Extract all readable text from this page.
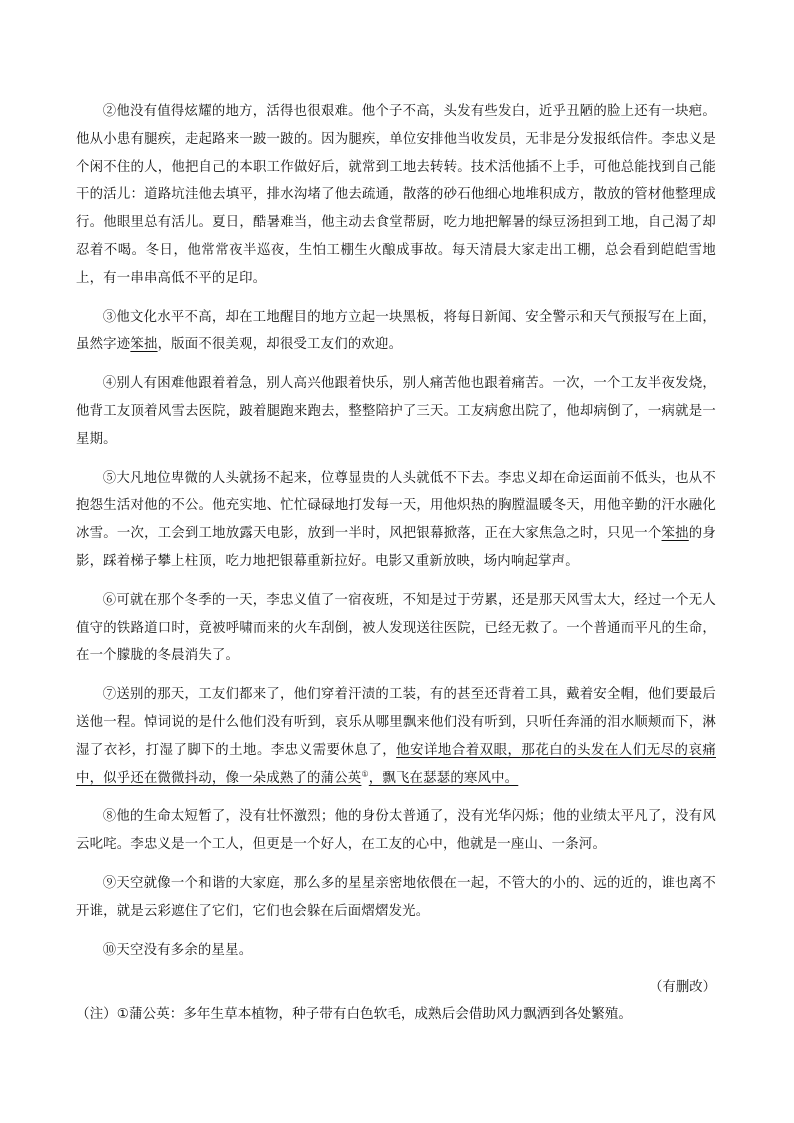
②他没有值得炫耀的地方，活得也很艰难。他个子不高，头发有些发白，近乎丑陋的脸上还有一块疤。他从小患有腿疾，走起路来一跛一跛的。因为腿疾，单位安排他当收发员，无非是分发报纸信件。李忠义是个闲不住的人，他把自己的本职工作做好后，就常到工地去转转。技术活他插不上手，可他总能找到自己能干的活儿：道路坑洼他去填平，排水沟堵了他去疏通，散落的砂石他细心地堆积成方，散放的管材他整理成行。他眼里总有活儿。夏日，酷暑难当，他主动去食堂帮厨，吃力地把解暑的绿豆汤担到工地，自己渴了却忍着不喝。冬日，他常常夜半巡夜，生怕工棚生火酿成事故。每天清晨大家走出工棚，总会看到皑皑雪地上，有一串串高低不平的足印。

③他文化水平不高，却在工地醒目的地方立起一块黑板，将每日新闻、安全警示和天气预报写在上面，虽然字迹笨拙，版面不很美观，却很受工友们的欢迎。

④别人有困难他跟着着急，别人高兴他跟着快乐，别人痛苦他也跟着痛苦。一次，一个工友半夜发烧，他背工友顶着风雪去医院，跛着腿跑来跑去，整整陪护了三天。工友病愈出院了，他却病倒了，一病就是一星期。

⑤大凡地位卑微的人头就扬不起来，位尊显贵的人头就低不下去。李忠义却在命运面前不低头，也从不抱怨生活对他的不公。他充实地、忙忙碌碌地打发每一天，用他炽热的胸膛温暖冬天，用他辛勤的汗水融化冰雪。一次，工会到工地放露天电影，放到一半时，风把银幕掀落，正在大家焦急之时，只见一个笨拙的身影，踩着梯子攀上柱顶，吃力地把银幕重新拉好。电影又重新放映，场内响起掌声。

⑥可就在那个冬季的一天，李忠义值了一宿夜班，不知是过于劳累，还是那天风雪太大，经过一个无人值守的铁路道口时，竟被呼啸而来的火车刮倒，被人发现送往医院，已经无救了。一个普通而平凡的生命，在一个朦胧的冬晨消失了。

⑦送别的那天，工友们都来了，他们穿着汗渍的工装，有的甚至还背着工具，戴着安全帽，他们要最后送他一程。悼词说的是什么他们没有听到，哀乐从哪里飘来他们没有听到，只听任奔涌的泪水顺颊而下，淋湿了衣衫，打湿了脚下的土地。李忠义需要休息了，他安详地合着双眼，那花白的头发在人们无尽的哀痛中，似乎还在微微抖动，像一朵成熟了的蒲公英①，飘飞在瑟瑟的寒风中。

⑧他的生命太短暂了，没有壮怀激烈；他的身份太普通了，没有光华闪烁；他的业绩太平凡了，没有风云叱咤。李忠义是一个工人，但更是一个好人，在工友的心中，他就是一座山、一条河。

⑨天空就像一个和谐的大家庭，那么多的星星亲密地依偎在一起，不管大的小的、远的近的，谁也离不开谁，就是云彩遮住了它们，它们也会躲在后面熠熠发光。

⑩天空没有多余的星星。

（有删改）

（注）①蒲公英：多年生草本植物，种子带有白色软毛，成熟后会借助风力飘洒到各处繁殖。
